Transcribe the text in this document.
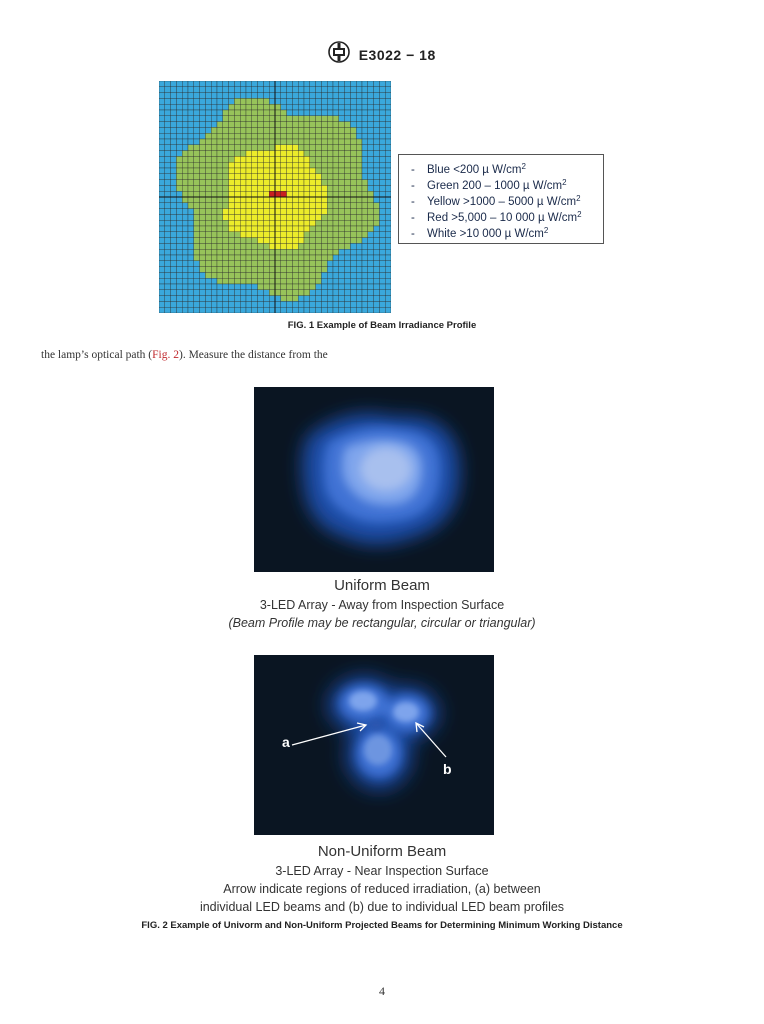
E3022 − 18
- Blue <200 µ $W/cm^2$
- Green 200 – 1000 µ $W/cm^2$
- Yellow >1000 – 5000 µ $W/cm^2$
- Red >5,000 – 10 000 µ $W/cm^2$
- White >10 000 µ $W/cm^2$
FIG. 1 Example of Beam Irradiance Profile
the lamp’s optical path (Fig. 2). Measure the distance from the
Uniform Beam
3-LED Array - Away from Inspection Surface
(Beam Profile may be rectangular, circular or triangular)
a
b
Non-Uniform Beam
3-LED Array - Near Inspection Surface
Arrow indicate regions of reduced irradiation, (a) between
individual LED beams and (b) due to individual LED beam profiles
FIG. 2 Example of Univorm and Non-Uniform Projected Beams for Determining Minimum Working Distance
4
